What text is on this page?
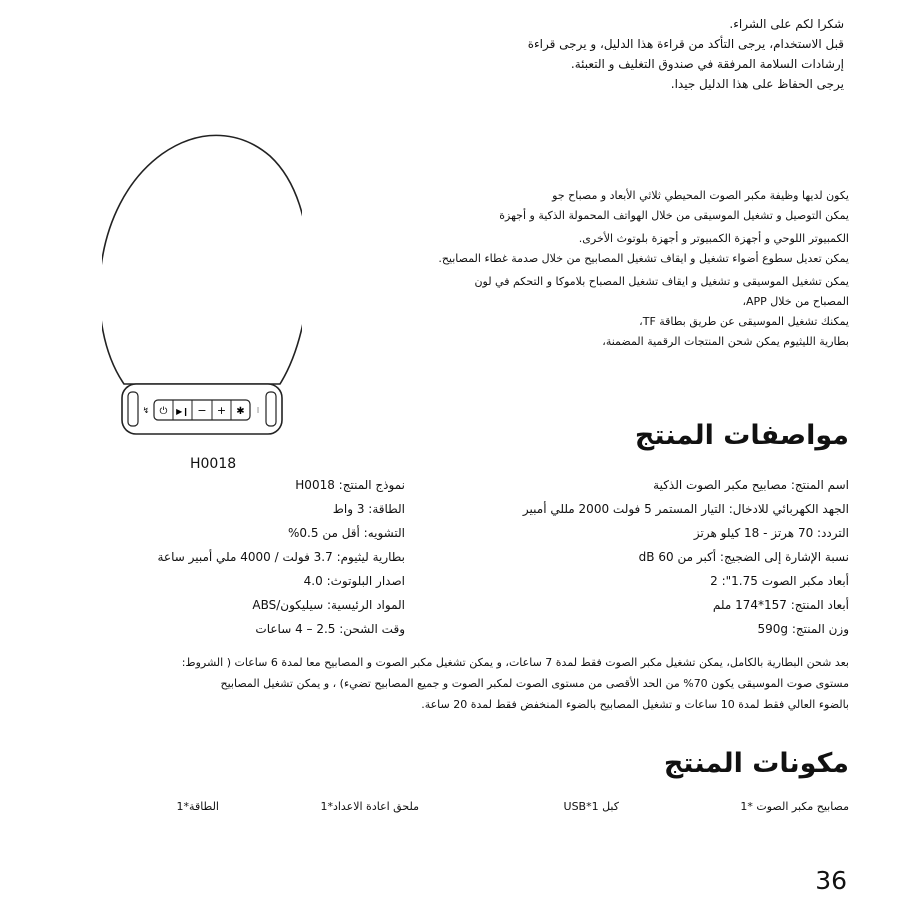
شكرا لكم على الشراء.
قبل الاستخدام، يرجى التأكد من قراءة هذا الدليل، و يرجى قراءة
إرشادات السلامة المرفقة في صندوق التغليف و التعبئة.
يرجى الحفاظ على هذا الدليل جيدا.
↯	⁝
⏻ ▶❙ − + ✱
H0018

يكون لديها وظيفة مكبر الصوت المحيطي ثلاثي الأبعاد و مصباح جو
يمكن التوصيل و تشغيل الموسيقى من خلال الهواتف المحمولة الذكية و أجهزة

الكمبيوتر اللوحي و أجهزة الكمبيوتر و أجهزة بلوتوث الأخرى.
يمكن تعديل سطوع أضواء تشغيل و ايقاف تشغيل المصابيح من خلال صدمة غطاء المصابيح.

يمكن تشغيل الموسيقى و تشغيل و ايقاف تشغيل المصباح بلاموكا و التحكم في لون
المصباح من خلال APP،
يمكنك تشغيل الموسيقى عن طريق بطاقة TF،
بطارية الليثيوم يمكن شحن المنتجات الرقمية المضمنة،

مواصفات المنتج
اسم المنتج: مصابيح مكبر الصوت الذكية
الجهد الكهربائي للادخال: التيار المستمر 5 فولت 2000 مللي أمبير
التردد: 70 هرتز - 18 كيلو هرتز
نسبة الإشارة إلى الضجيج: أكبر من 60 dB
أبعاد مكبر الصوت 1.75": 2
أبعاد المنتج: 157*174 ملم
وزن المنتج: 590g
نموذج المنتج: H0018
الطاقة: 3 واط
التشويه: أقل من 0.5%
بطارية ليثيوم: 3.7 فولت / 4000 ملي أمبير ساعة
اصدار البلوتوث: 4.0
المواد الرئيسية: سيليكون/ABS
وقت الشحن: 2.5 – 4 ساعات
بعد شحن البطارية بالكامل، يمكن تشغيل مكبر الصوت فقط لمدة 7 ساعات، و يمكن تشغيل مكبر الصوت و المصابيح معا لمدة 6 ساعات ( الشروط:
مستوى صوت الموسيقى يكون 70% من الحد الأقصى من مستوى الصوت لمكبر الصوت و جميع المصابيح تضيء) ، و يمكن تشغيل المصابيح
بالضوء العالي فقط لمدة 10 ساعات و تشغيل المصابيح بالضوء المنخفض فقط لمدة 20 ساعة.
مكونات المنتج
مصابيح مكبر الصوت *1
كبل USB*1
ملحق اعادة الاعداد*1
الطاقة*1
36
